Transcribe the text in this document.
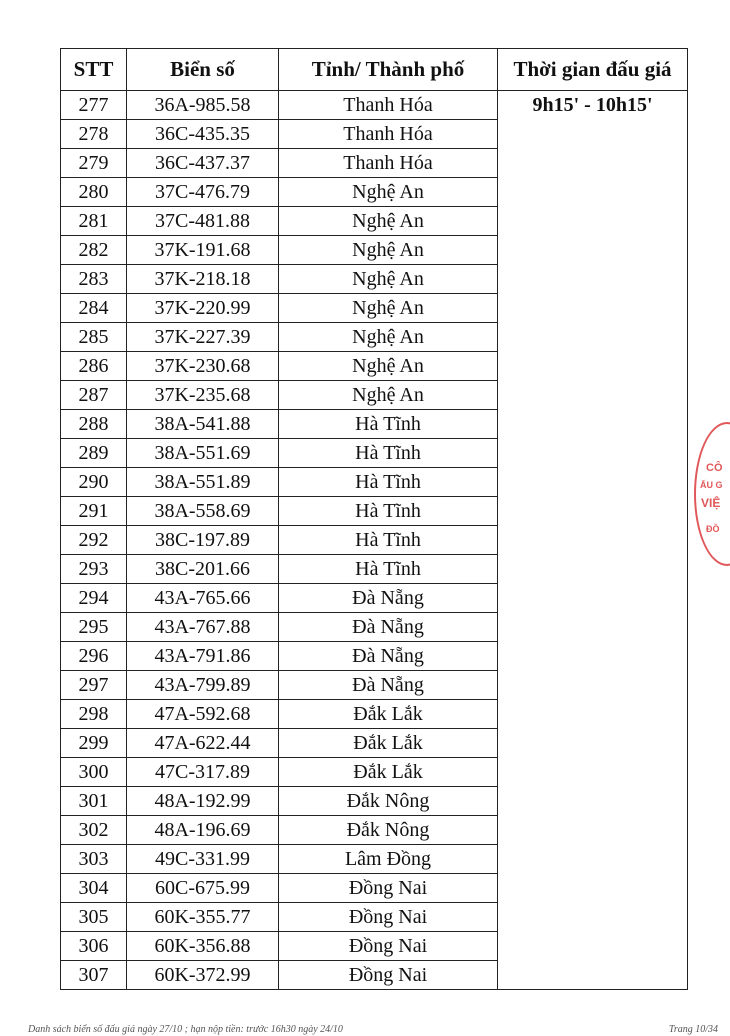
STT	Biển số	Tỉnh/ Thành phố	Thời gian đấu giá
277	36A-985.58	Thanh Hóa	9h15' - 10h15'
278	36C-435.35	Thanh Hóa	
279	36C-437.37	Thanh Hóa	
280	37C-476.79	Nghệ An	
281	37C-481.88	Nghệ An	
282	37K-191.68	Nghệ An	
283	37K-218.18	Nghệ An	
284	37K-220.99	Nghệ An	
285	37K-227.39	Nghệ An	
286	37K-230.68	Nghệ An	
287	37K-235.68	Nghệ An	
288	38A-541.88	Hà Tĩnh	
289	38A-551.69	Hà Tĩnh	
290	38A-551.89	Hà Tĩnh	
291	38A-558.69	Hà Tĩnh	
292	38C-197.89	Hà Tĩnh	
293	38C-201.66	Hà Tĩnh	
294	43A-765.66	Đà Nẵng	
295	43A-767.88	Đà Nẵng	
296	43A-791.86	Đà Nẵng	
297	43A-799.89	Đà Nẵng	
298	47A-592.68	Đắk Lắk	
299	47A-622.44	Đắk Lắk	
300	47C-317.89	Đắk Lắk	
301	48A-192.99	Đắk Nông	
302	48A-196.69	Đắk Nông	
303	49C-331.99	Lâm Đồng	
304	60C-675.99	Đồng Nai	
305	60K-355.77	Đồng Nai	
306	60K-356.88	Đồng Nai	
307	60K-372.99	Đồng Nai	
CÔ
ẤU G
VIỆ
ĐỒ
Danh sách biển số đấu giá ngày 27/10 ; hạn nộp tiền: trước 16h30 ngày 24/10	Trang 10/34
